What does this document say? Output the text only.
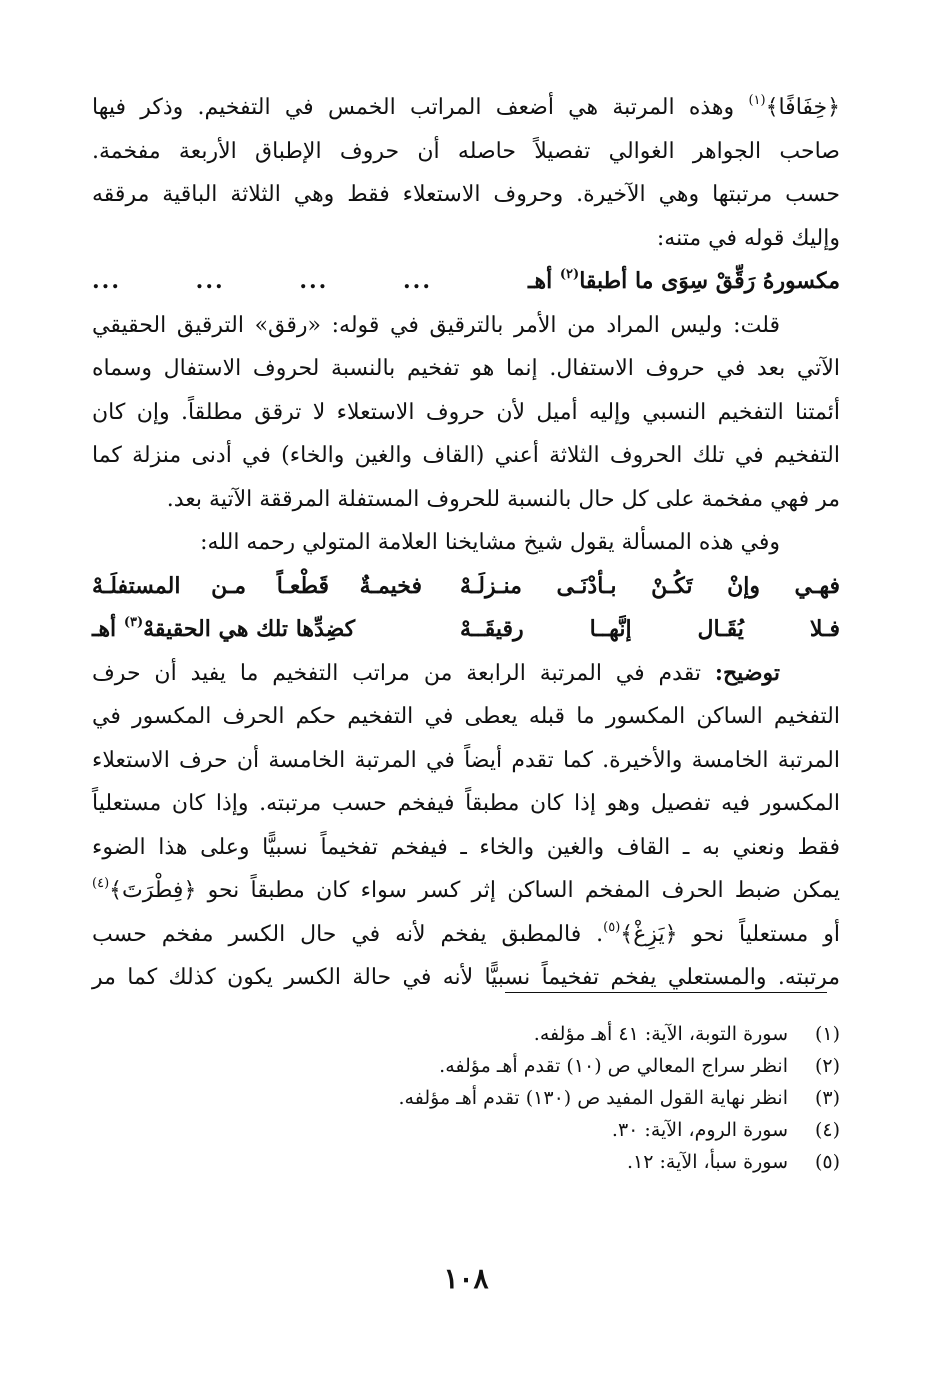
﴿خِفَافًا﴾$^{(١)}$ وهذه المرتبة هي أضعف المراتب الخمس في التفخيم. وذكر فيها
صاحب الجواهر الغوالي تفصيلاً حاصله أن حروف الإطباق الأربعة مفخمة.
حسب مرتبتها وهي الآخيرة. وحروف الاستعلاء فقط وهي الثلاثة الباقية مرققه
وإليك قوله في متنه:
مكسورهُ رَقِّقْ سِوَى ما أطبقا$^{(٢)}$ أهـ
...
...
...
...
قلت: وليس المراد من الأمر بالترقيق في قوله: «رقق» الترقيق الحقيقي
الآتي بعد في حروف الاستفال. إنما هو تفخيم بالنسبة لحروف الاستفال وسماه
أئمتنا التفخيم النسبي وإليه أميل لأن حروف الاستعلاء لا ترقق مطلقاً. وإن كان
التفخيم في تلك الحروف الثلاثة أعني (القاف والغين والخاء) في أدنى منزلة كما
مر فهي مفخمة على كل حال بالنسبة للحروف المستفلة المرققة الآتية بعد.
وفي هذه المسألة يقول شيخ مشايخنا العلامة المتولي رحمه الله:
فهـي وإنْ تَكُـنْ بـأدْنَـى منـزلَـهْ
فخيمـةٌ قَطْعـاً مـن المستفلَـهْ
فـلا يُقَـال إنَّهــا رقيقَــهْ
كضِدِّها تلك هي الحقيقهْ$^{(٣)}$ أهـ
توضيح: تقدم في المرتبة الرابعة من مراتب التفخيم ما يفيد أن حرف
التفخيم الساكن المكسور ما قبله يعطى في التفخيم حكم الحرف المكسور في
المرتبة الخامسة والأخيرة. كما تقدم أيضاً في المرتبة الخامسة أن حرف الاستعلاء
المكسور فيه تفصيل وهو إذا كان مطبقاً فيفخم حسب مرتبته. وإذا كان مستعلياً
فقط ونعني به ـ القاف والغين والخاء ـ فيفخم تفخيماً نسبيًّا وعلى هذا الضوء
يمكن ضبط الحرف المفخم الساكن إثر كسر سواء كان مطبقاً نحو ﴿فِطْرَتَ﴾$^{(٤)}$
أو مستعلياً نحو ﴿يَزِغْ﴾$^{(٥)}$. فالمطبق يفخم لأنه في حال الكسر مفخم حسب
مرتبته. والمستعلي يفخم تفخيماً نسبيًّا لأنه في حالة الكسر يكون كذلك كما مر
(١)
سورة التوبة، الآية: ٤١ أهـ مؤلفه.
(٢)
انظر سراج المعالي ص (١٠) تقدم أهـ مؤلفه.
(٣)
انظر نهاية القول المفيد ص (١٣٠) تقدم أهـ مؤلفه.
(٤)
سورة الروم، الآية: ٣٠.
(٥)
سورة سبأ، الآية: ١٢.
١٠٨
